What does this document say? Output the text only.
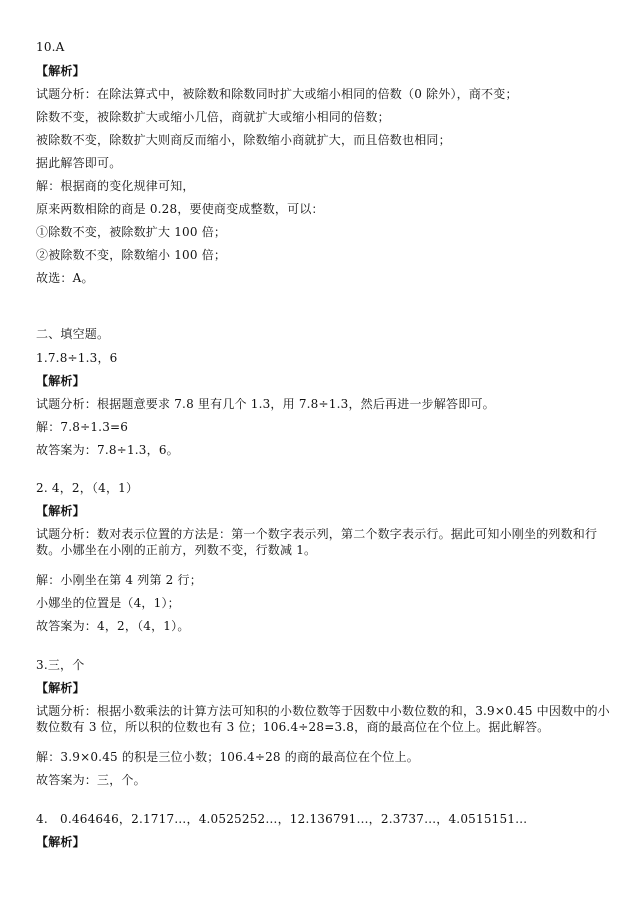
10.A
【解析】
试题分析：在除法算式中，被除数和除数同时扩大或缩小相同的倍数（0 除外），商不变；
除数不变，被除数扩大或缩小几倍，商就扩大或缩小相同的倍数；
被除数不变，除数扩大则商反而缩小，除数缩小商就扩大，而且倍数也相同；
据此解答即可。
解：根据商的变化规律可知，
原来两数相除的商是 0.28，要使商变成整数，可以：
①除数不变，被除数扩大 100 倍；
②被除数不变，除数缩小 100 倍；
故选：A。
二、填空题。
1.7.8÷1.3，6
【解析】
试题分析：根据题意要求 7.8 里有几个 1.3，用 7.8÷1.3，然后再进一步解答即可。
解：7.8÷1.3=6
故答案为：7.8÷1.3，6。
2. 4，2，（4，1）
【解析】
试题分析：数对表示位置的方法是：第一个数字表示列，第二个数字表示行。据此可知小刚坐的列数和行数。小娜坐在小刚的正前方，列数不变，行数减 1。
解：小刚坐在第 4 列第 2 行；
小娜坐的位置是（4，1）；
故答案为：4，2，（4，1）。
3.三，个
【解析】
试题分析：根据小数乘法的计算方法可知积的小数位数等于因数中小数位数的和，3.9×0.45 中因数中的小数位数有 3 位，所以积的位数也有 3 位；106.4÷28=3.8，商的最高位在个位上。据此解答。
解：3.9×0.45 的积是三位小数；106.4÷28 的商的最高位在个位上。
故答案为：三，个。
4.　0.464646，2.1717…，4.0525252…，12.136791…，2.3737…，4.0515151…
【解析】
